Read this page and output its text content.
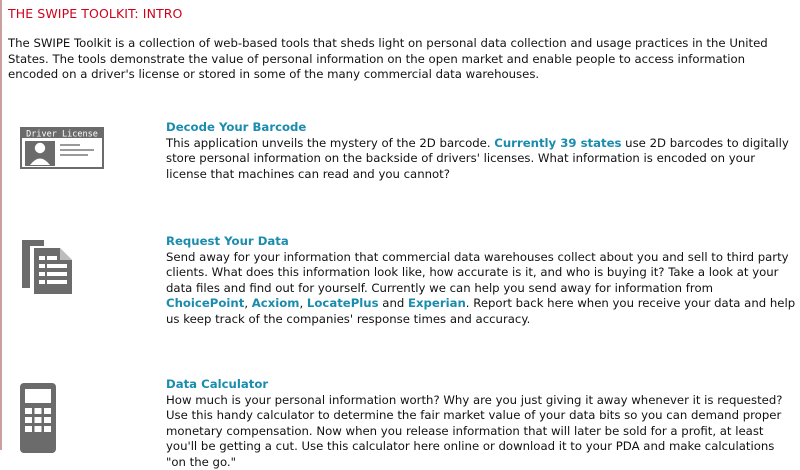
THE SWIPE TOOLKIT: INTRO

The SWIPE Toolkit is a collection of web-based tools that sheds light on personal data collection and usage practices in the United States. The tools demonstrate the value of personal information on the open market and enable people to access information encoded on a driver's license or stored in some of the many commercial data warehouses.

Driver License
Decode Your Barcode

This application unveils the mystery of the 2D barcode. Currently 39 states use 2D barcodes to digitally store personal information on the backside of drivers' licenses. What information is encoded on your license that machines can read and you cannot?

Request Your Data

Send away for your information that commercial data warehouses collect about you and sell to third party clients. What does this information look like, how accurate is it, and who is buying it? Take a look at your data files and find out for yourself. Currently we can help you send away for information from ChoicePoint, Acxiom, LocatePlus and Experian. Report back here when you receive your data and help us keep track of the companies' response times and accuracy.

Data Calculator

How much is your personal information worth? Why are you just giving it away whenever it is requested? Use this handy calculator to determine the fair market value of your data bits so you can demand proper monetary compensation. Now when you release information that will later be sold for a profit, at least you'll be getting a cut. Use this calculator here online or download it to your PDA and make calculations "on the go."
